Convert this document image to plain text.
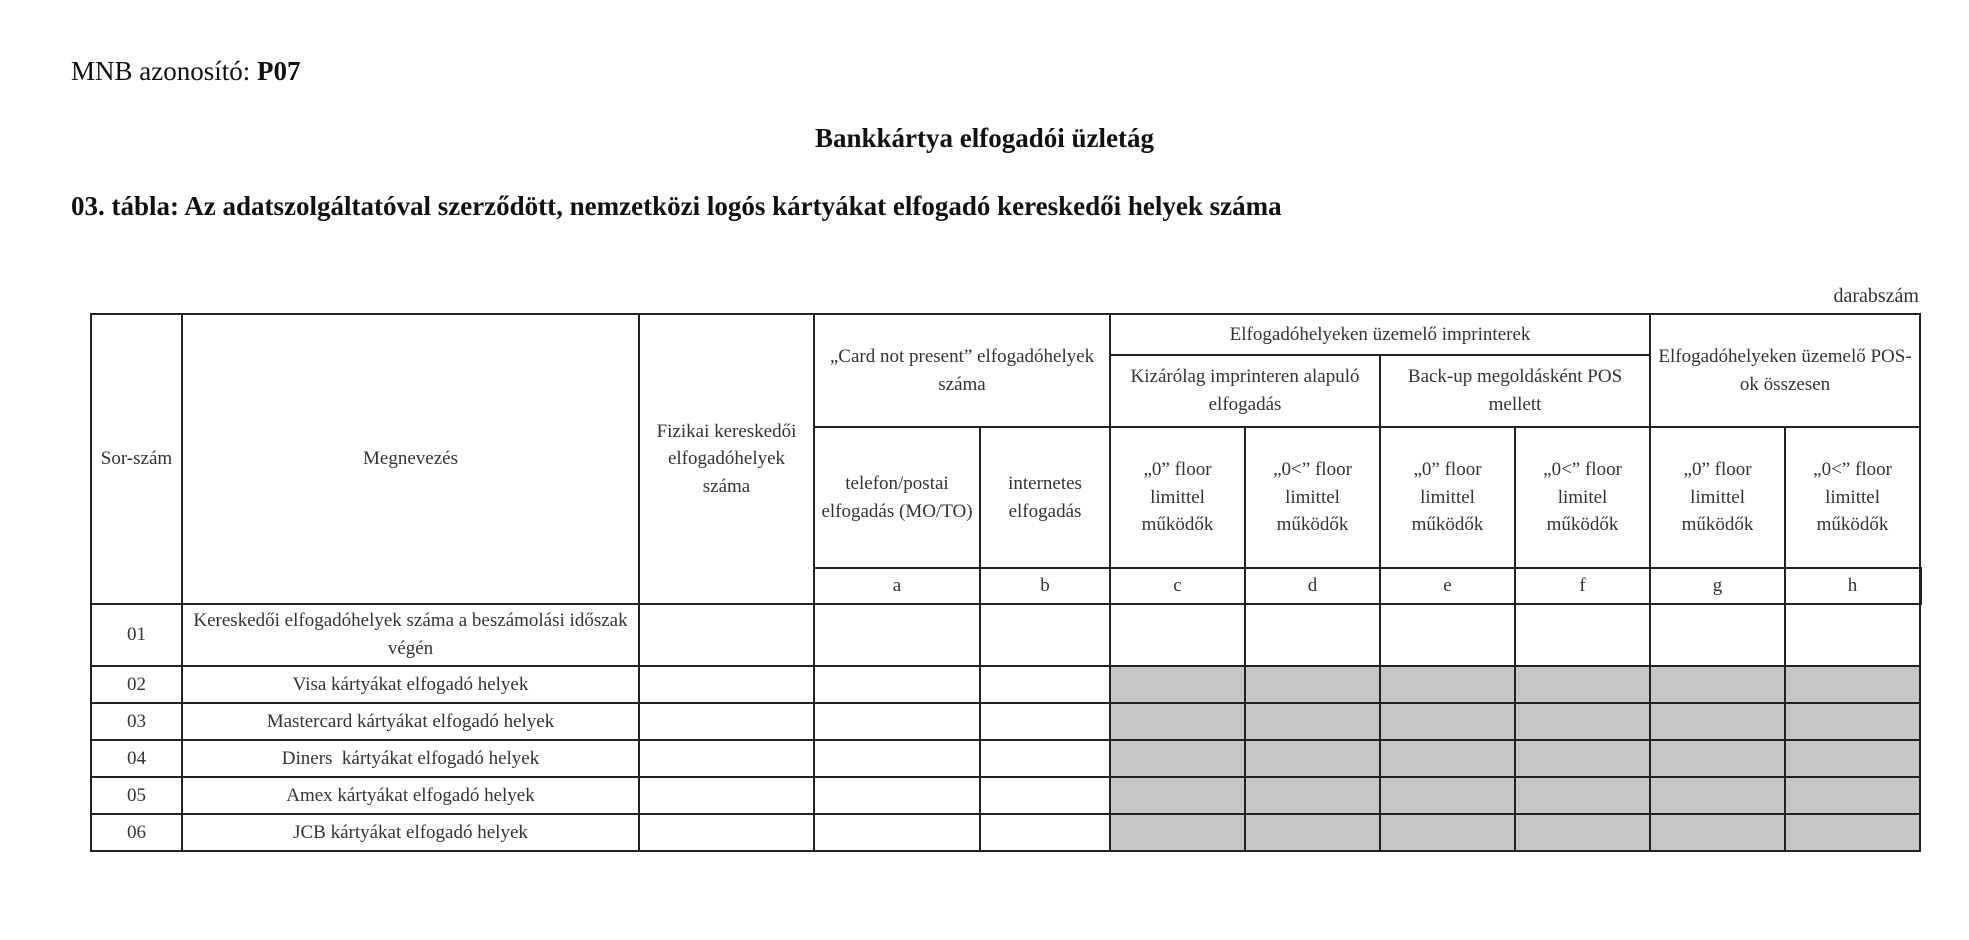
MNB azonosító: P07
Bankkártya elfogadói üzletág
03. tábla: Az adatszolgáltatóval szerződött, nemzetközi logós kártyákat elfogadó kereskedői helyek száma
darabszám
Sor-szám	Megnevezés	Fizikai kereskedői elfogadóhelyek száma	„Card not present” elfogadóhelyek száma		Elfogadóhelyeken üzemelő imprinterek				Elfogadóhelyeken üzemelő POS-ok összesen		
					Kizárólag imprinteren alapuló elfogadás		Back-up megoldásként POS mellett				
			telefon/postai elfogadás (MO/TO)	internetes elfogadás	„0” floor limittel működők	„0<” floor limittel működők	„0” floor limittel működők	„0<” floor limitel működők	„0” floor limittel működők	„0<” floor limittel működők	
			a	b	c	d	e	f	g	h	
01	Kereskedői elfogadóhelyek száma a beszámolási időszak végén										
02	Visa kártyákat elfogadó helyek										
03	Mastercard kártyákat elfogadó helyek										
04	Diners  kártyákat elfogadó helyek										
05	Amex kártyákat elfogadó helyek										
06	JCB kártyákat elfogadó helyek										
